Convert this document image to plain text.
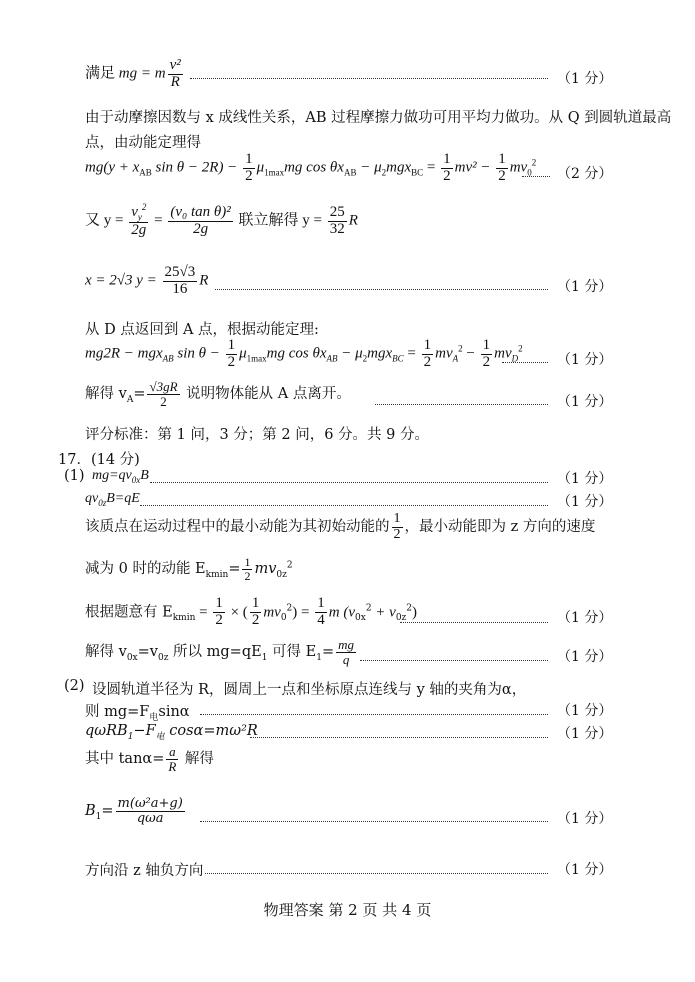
满足 mg = m $\frac{\text{v²}}{R}$	（1 分）
由于动摩擦因数与 x 成线性关系，AB 过程摩擦力做功可用平均力做功。从 Q 到圆轨道最高
点，由动能定理得
$mg(y + x_{AB}$ $\sin \theta - 2R) - \frac{1}{2} \mu_{1max}mg$ $\cos \theta x_{AB} - \mu_2mgx_{BC} = \frac{1}{2} mv^2 - \frac{1}{2} mv_0^2$
（2 分）
又 $y = \frac{v_y^2}{2g} = \frac{\text{(v₀ tan θ)²}}{2g}$ 联立解得 $y = \frac{25}{32}$ R
x = 2√3 $y = \frac{25√3}{16}$ R	（1 分）
从 D 点返回到 A 点，根据动能定理:
mg2R − mgx$_{AB}$ $\sin \theta - \frac{1}{2} \mu_{1max}mg$ $\cos \theta x_{AB} - \mu_2mgx_{BC} = \frac{1}{2} mv_A^2 - \frac{1}{2} mv_D^2$
（1 分）
解得 $v_A= \frac{√3gR}{2}$ 说明物体能从 A 点离开。	（1 分）
评分标准：第 1 问，3 分；第 2 问，6 分。共 9 分。
17．(14 分)
(1) $mg=qv_{0x}B$	（1 分）
$qv_{0z}B=qE$	（1 分）
该质点在运动过程中的最小动能为其初始动能的 $\frac{1}{2}$ ，最小动能即为 z 方向的速度
减为 0 时的动能 $E_{kmin}= \frac{1}{2} mv_{0z}^2$
根据题意有 $E_{kmin} = \frac{1}{2}$ × ( $\frac{1}{2} mv_0^2) = \frac{1}{4}$ m $(v_{0x}^2 + v_{0z}^2)$	（1 分）
解得 $v_{0x}=v_{0z}$ 所以 $mg=qE_1$ 可得 $E_1= \frac{mg}{q}$	（1 分）
(2) 设圆轨道半径为 R，圆周上一点和坐标原点连线与 y 轴的夹角为α，
则 $mg=F_电\sin\alpha$	（1 分）
$q\omega RB_1-F_电$ cosα=mω²R	（1 分）
其中 $\tan\alpha= \frac{a}{R}$ 解得
$B_1= \frac{\text{m(ω²a+g)}}{\text{qωa}}$	（1 分）
方向沿 z 轴负方向	（1 分）
物理答案 第 2 页 共 4 页
